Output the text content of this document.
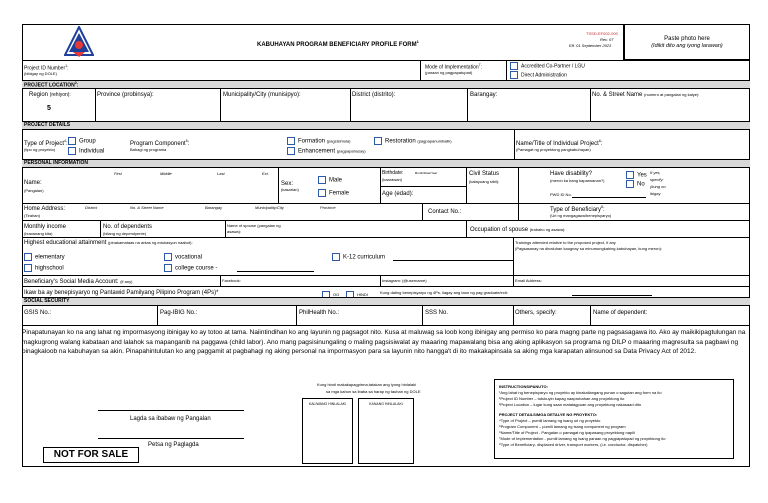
KABUHAYAN PROGRAM BENEFICIARY PROFILE FORM$^1$
TSSD-EF002-000
Rev. 07
Eff. 01 September 2023
Paste photo here
(Idikit dito ang iyong larawan)
Project ID Number$^1$:
(bibigay ng DOLE)
Mode of Implementation$^7$:
(paraan ng pagpapatupad)
Accredited Co-Partner / LGU
Direct Administration
PROJECT LOCATION$^2$:
Region (rehiyon):
5
Province (probinsya):	Municipality/City (munisipyo):	District (distrito):	Barangay:	No. & Street Name (numero at pangalan ng kalye):
PROJECT DETAILS
Type of Project$^4$:
(tipo ng proyekto)
Group
Individual
Program Component$^5$:
Bahagi ng programa
Formation (pagsisimula)
Enhancement (pagpapahusay)
Restoration (pagpapanumbalik)	Name/Title of Individual Project$^6$:
(Pamagat ng proyektong pangkabuhayan)
PERSONAL INFORMATION
First	Middle	Last	Ext.
Name:
(Pangalan)
Sex:
(kasarian)
Male
Female
Birthdate:	Month/Date/Year
(kaarawan)
Age (edad):
Civil Status
(katayuang sibil):
Have disability?
(meron ka bang kapansanan?)
Yes
No
If yes,
specify:
(kung oo
ibigay
PWD ID No.
Home Address:
(Tirahan)
District	No. & Street Name	Barangay	Municipality/City	Province
Contact No.:	Type of Beneficiary$^8$:
(Uri ng mangagawa/benepisyaryo)
Monthly income
(buwanang kita)
No. of dependents
(bilang ng dependyente)
Name of spouse (pangalan ng
asawa):	Occupation of spouse (trabaho ng asawa):
Highest educational attainment (pinakamataas na antas ng edukasyon naabot):
elementary
highschool
vocational
college course -
K-12 curriculum
Trainings attended relative to the proposed project, if any
(Pagsasanay na dinaluhan kaugnay sa minumungkahing kabuhayan, kung meron):
Beneficiary's Social Media Account: (if any)	Facebook:	Instagram: (@username)	Email Address:
Ikaw ba ay benepisyaryo ng Pantawid Pamilyang Pilipino Program (4Ps)*	OO	HINDI	Kung dating benepisyaryo ng 4Ps, ilagay ang taon ng pag graduate/exit:
SOCIAL SECURITY
GSIS No.:	Pag-IBIG No.:	PhilHealth No.:	SSS No.	Others, specify:	Name of dependent:
Pinapatunayan ko na ang lahat ng impormasyong ibinigay ko ay totoo at tama. Naiintindihan ko ang layunin ng pagsagot nito. Kusa at maluwag sa loob kong ibinigay ang permiso ko para magng parte ng pagsasagawa ito. Ako ay maikikipagtulungan na magkugrong walang kabataan and lalahok sa mapanganib na paggawa (child labor). Ano mang pagsisinungaling o maling pagsisiwalat ay maaaring mapawalang bisa ang aking aplikasyon sa programa ng DILP o maaaring magresulta sa pagbawi ng pinagkaloob na kabuhayan sa akin. Pinapahintulutan ko ang paggamit at pagbahagi ng aking personal na impormasyon para sa layunin nito hangga't di ito makakapinsala sa aking mga karapatan alinsunod sa Data Privacy Act of 2012.
Lagda sa ibabaw ng Pangalan
Petsa ng Paglagda
NOT FOR SALE
Kung hindi makakapagpirma,tatakan ang iyong hinlalaki
sa mga kahon sa ibaba sa harap ng tauhan ng DOLE
KALIWANG HINLALAKI	KANANG HINLALAKI
INSTRUCTIONS/PANUTO:
¹Ang lahat ng benepisyaryo ng proyekto ay kinakailangang punan o sagutan ang form na ito
¹Project ID Number – tutukuyin kapag naaprubahan ang proyektong ito
²Project Location – lugar kung saan matatagpuan ang proyektong nakasaad dito
PROJECT DETAILS/MGA DETALYE NG PROYEKTO:
⁴Type of Project – pumili lamang ng isang uri ng proyekto
⁵Program Component – pumili lamang ng isang component ng program
⁶Name/Title of Project - Pangalan o pamagat ng ipapasang proyektong napili
⁷Mode of Implementation - pumili lamang ng isang paraan ng pagpapatupad ng proyektong ito
⁸Type of Beneficiary- displaced driver, transport workers, (i.e. conductor, dispatcher)
